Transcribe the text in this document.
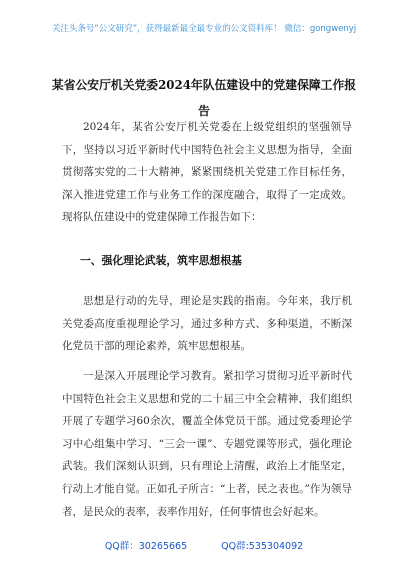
关注头条号“公文研究”，获得最新最全最专业的公文资料库！ 微信：gongwenyj
某省公安厅机关党委2024年队伍建设中的党建保障工作报告

2024年，某省公安厅机关党委在上级党组织的坚强领导下，坚持以习近平新时代中国特色社会主义思想为指导，全面贯彻落实党的二十大精神，紧紧围绕机关党建工作目标任务，深入推进党建工作与业务工作的深度融合，取得了一定成效。现将队伍建设中的党建保障工作报告如下：

一、强化理论武装，筑牢思想根基

思想是行动的先导，理论是实践的指南。今年来，我厅机关党委高度重视理论学习，通过多种方式、多种渠道，不断深化党员干部的理论素养，筑牢思想根基。

一是深入开展理论学习教育。紧扣学习贯彻习近平新时代中国特色社会主义思想和党的二十届三中全会精神，我们组织开展了专题学习60余次，覆盖全体党员干部。通过党委理论学习中心组集中学习、“三会一课”、专题党课等形式，强化理论武装。我们深刻认识到，只有理论上清醒，政治上才能坚定，行动上才能自觉。正如孔子所言：“上者，民之表也。”作为领导者，是民众的表率，表率作用好，任何事情也会好起来。

QQ群：30265665	QQ群:535304092
